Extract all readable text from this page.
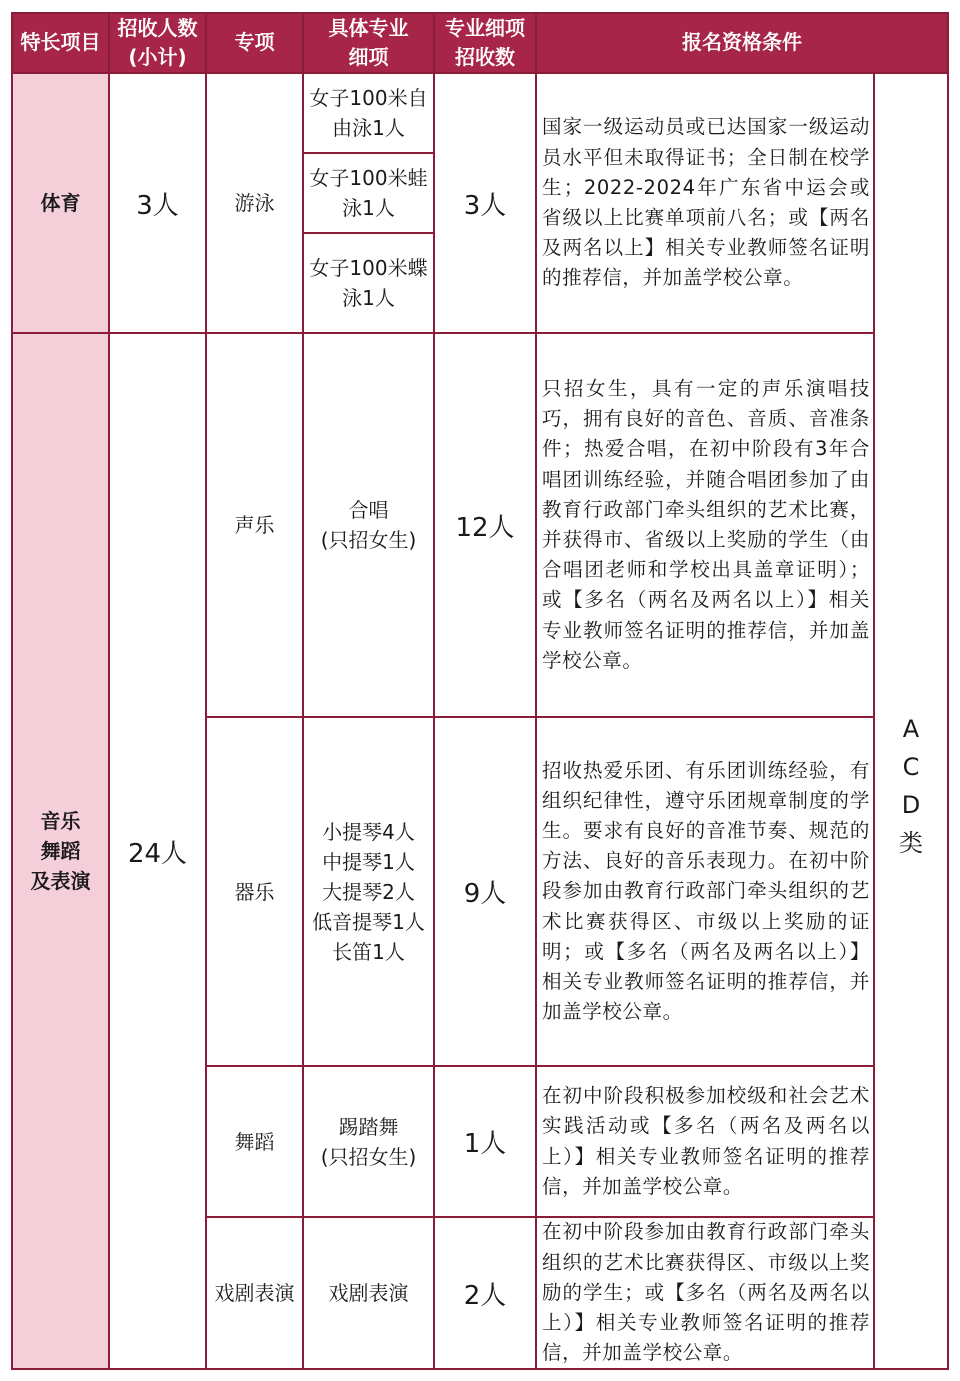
特长项目
招收人数
(小计)
专项
具体专业
细项
专业细项
招收数
报名资格条件
体育
音乐
舞蹈
及表演
3人	游泳
女子100米自
由泳1人
女子100米蛙
泳1人
女子100米蝶
泳1人
3人
国家一级运动员或已达国家一级运动员水平但未取得证书；全日制在校学生；2022-2024年广东省中运会或省级以上比赛单项前八名；或【两名及两名以上】相关专业教师签名证明的推荐信，并加盖学校公章。
24人
声乐
合唱
(只招女生) 12人
只招女生，具有一定的声乐演唱技巧，拥有良好的音色、音质、音准条件；热爱合唱，在初中阶段有3年合唱团训练经验，并随合唱团参加了由教育行政部门牵头组织的艺术比赛，并获得市、省级以上奖励的学生（由合唱团老师和学校出具盖章证明）；或【多名（两名及两名以上）】相关专业教师签名证明的推荐信，并加盖学校公章。
器乐
小提琴4人
中提琴1人
大提琴2人
低音提琴1人
长笛1人
9人
招收热爱乐团、有乐团训练经验，有组织纪律性，遵守乐团规章制度的学生。要求有良好的音准节奏、规范的方法、良好的音乐表现力。在初中阶段参加由教育行政部门牵头组织的艺术比赛获得区、市级以上奖励的证明；或【多名（两名及两名以上）】相关专业教师签名证明的推荐信，并加盖学校公章。
舞蹈
踢踏舞
(只招女生) 1人
在初中阶段积极参加校级和社会艺术实践活动或【多名（两名及两名以上）】相关专业教师签名证明的推荐信，并加盖学校公章。
戏剧表演 戏剧表演 2人
在初中阶段参加由教育行政部门牵头组织的艺术比赛获得区、市级以上奖励的学生；或【多名（两名及两名以上）】相关专业教师签名证明的推荐信，并加盖学校公章。
A
C
D
类
